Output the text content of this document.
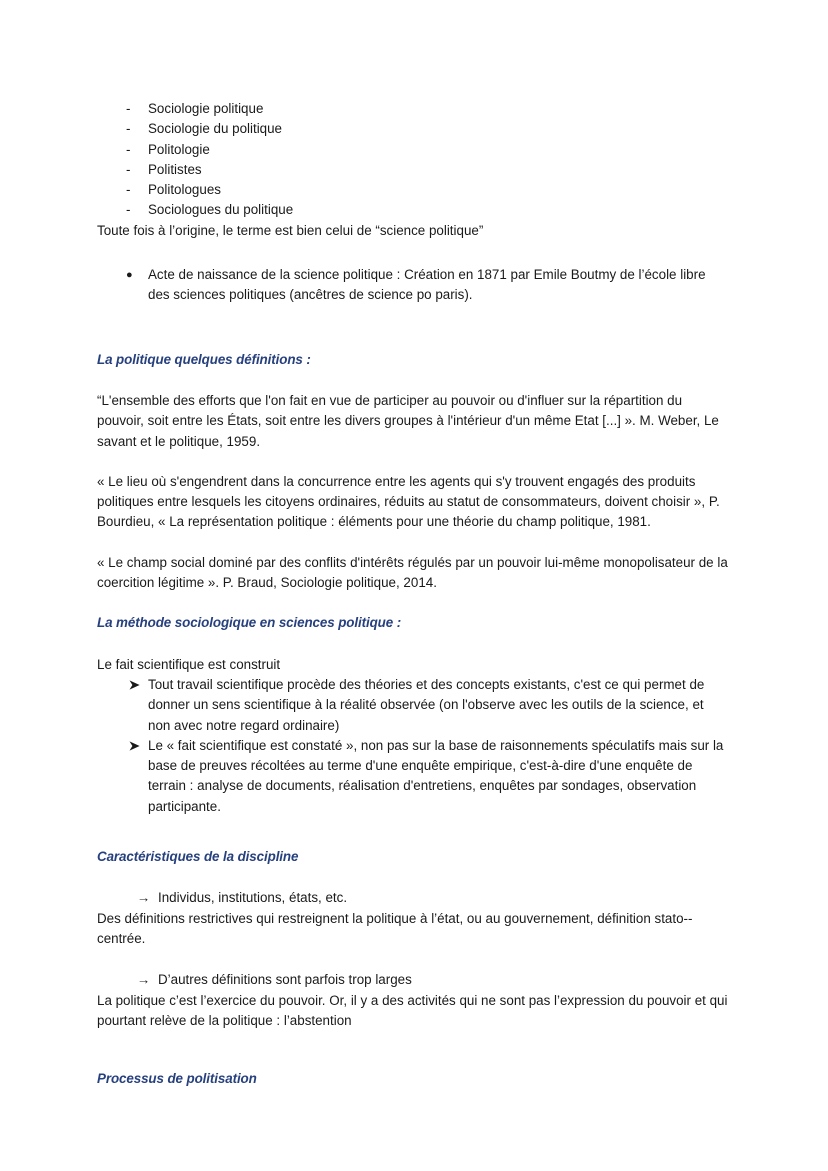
- Sociologie politique
- Sociologie du politique
- Politologie
- Politistes
- Politologues
- Sociologues du politique

Toute fois à l’origine, le terme est bien celui de “science politique”

● Acte de naissance de la science politique : Création en 1871 par Emile Boutmy de l’école libre des sciences politiques (ancêtres de science po paris).

La politique quelques définitions :

“L'ensemble des efforts que l'on fait en vue de participer au pouvoir ou d'influer sur la répartition du pouvoir, soit entre les États, soit entre les divers groupes à l'intérieur d'un même Etat [...] ». M. Weber, Le savant et le politique, 1959.

« Le lieu où s'engendrent dans la concurrence entre les agents qui s'y trouvent engagés des produits politiques entre lesquels les citoyens ordinaires, réduits au statut de consommateurs, doivent choisir », P. Bourdieu, « La représentation politique : éléments pour une théorie du champ politique, 1981.

« Le champ social dominé par des conflits d'intérêts régulés par un pouvoir lui-même monopolisateur de la coercition légitime ». P. Braud, Sociologie politique, 2014.

La méthode sociologique en sciences politique :

Le fait scientifique est construit

Tout travail scientifique procède des théories et des concepts existants, c'est ce qui permet de donner un sens scientifique à la réalité observée (on l'observe avec les outils de la science, et non avec notre regard ordinaire)
Le « fait scientifique est constaté », non pas sur la base de raisonnements spéculatifs mais sur la base de preuves récoltées au terme d'une enquête empirique, c'est-à-dire d'une enquête de terrain : analyse de documents, réalisation d'entretiens, enquêtes par sondages, observation participante.

Caractéristiques de la discipline

→ Individus, institutions, états, etc.

Des définitions restrictives qui restreignent la politique à l’état, ou au gouvernement, définition stato--centrée.

→ D’autres définitions sont parfois trop larges

La politique c’est l’exercice du pouvoir. Or, il y a des activités qui ne sont pas l’expression du pouvoir et qui pourtant relève de la politique : l’abstention

Processus de politisation
